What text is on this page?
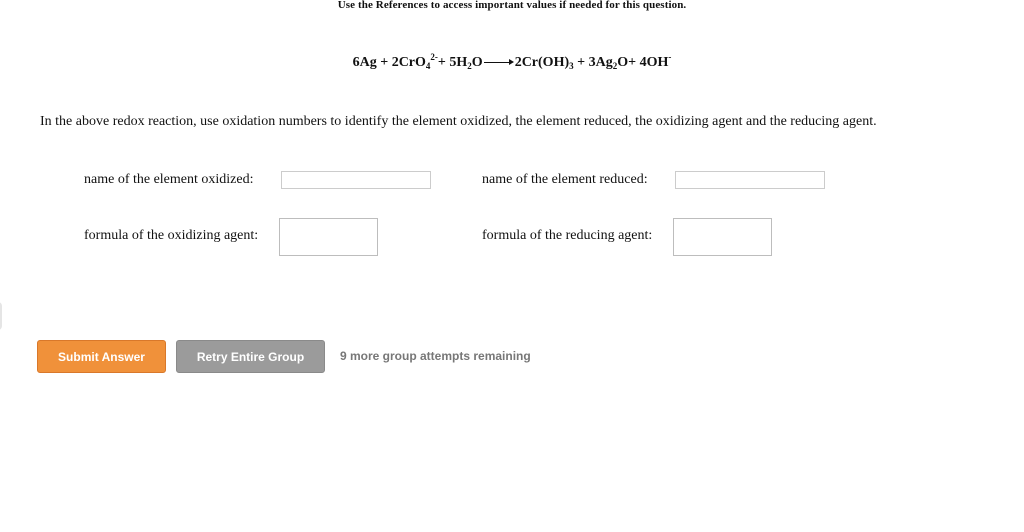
Use the References to access important values if needed for this question.
$6Ag + 2CrO_4^{2-}+ 5H_2O$ $2Cr(OH)_3 + 3Ag_2O+ 4OH^-$
In the above redox reaction, use oxidation numbers to identify the element oxidized, the element reduced, the oxidizing agent and the reducing agent.
name of the element oxidized:	name of the element reduced:
formula of the oxidizing agent:	formula of the reducing agent:
Submit Answer	Retry Entire Group	9 more group attempts remaining
